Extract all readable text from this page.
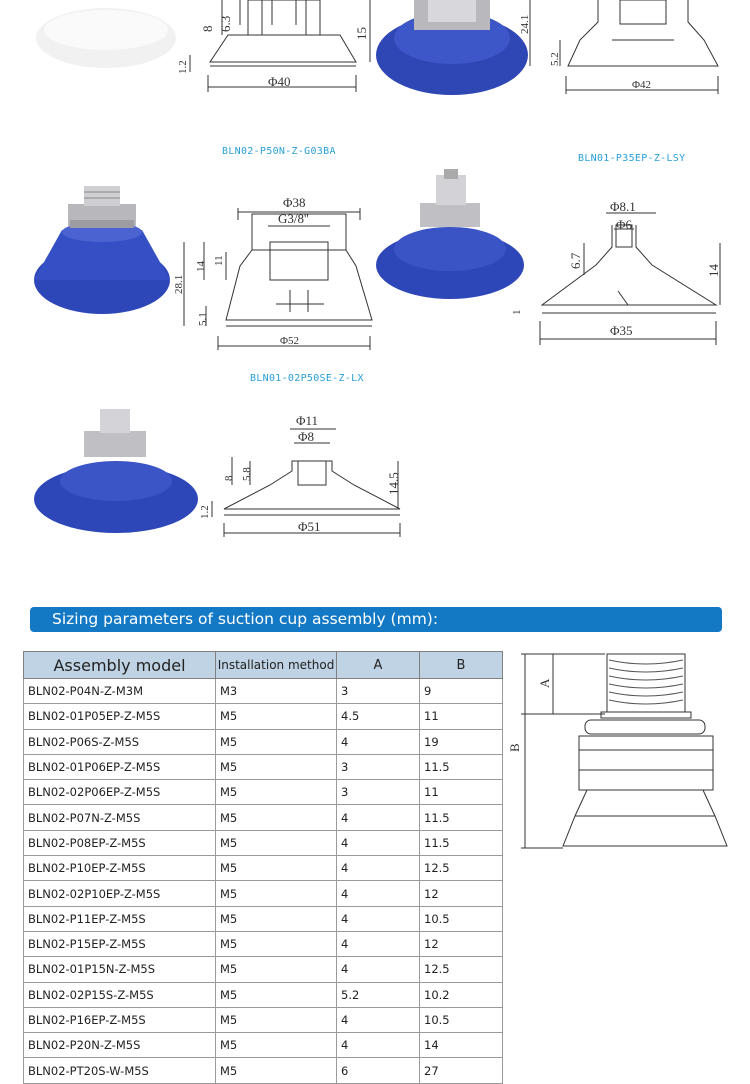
8 6.3
15
1.2
Φ40
24.1
5.2
Φ42
BLN02-P50N-Z-G03BA
Φ38
G3/8''
14
11
28.1
5.1
Φ52
BLN01-P35EP-Z-LSY
Φ8.1
Φ6
6.7
14
1
Φ35
BLN01-02P50SE-Z-LX
Φ11
Φ8
8 5.8	14.5
1.2
Φ51
Sizing parameters of suction cup assembly (mm):
Assembly model	Installation method	A	B
BLN02-P04N-Z-M3M	M3	3	9
BLN02-01P05EP-Z-M5S	M5	4.5	11
BLN02-P06S-Z-M5S	M5	4	19
BLN02-01P06EP-Z-M5S	M5	3	11.5
BLN02-02P06EP-Z-M5S	M5	3	11
BLN02-P07N-Z-M5S	M5	4	11.5
BLN02-P08EP-Z-M5S	M5	4	11.5
BLN02-P10EP-Z-M5S	M5	4	12.5
BLN02-02P10EP-Z-M5S	M5	4	12
BLN02-P11EP-Z-M5S	M5	4	10.5
BLN02-P15EP-Z-M5S	M5	4	12
BLN02-01P15N-Z-M5S	M5	4	12.5
BLN02-02P15S-Z-M5S	M5	5.2	10.2
BLN02-P16EP-Z-M5S	M5	4	10.5
BLN02-P20N-Z-M5S	M5	4	14
BLN02-PT20S-W-M5S	M5	6	27
A
B
